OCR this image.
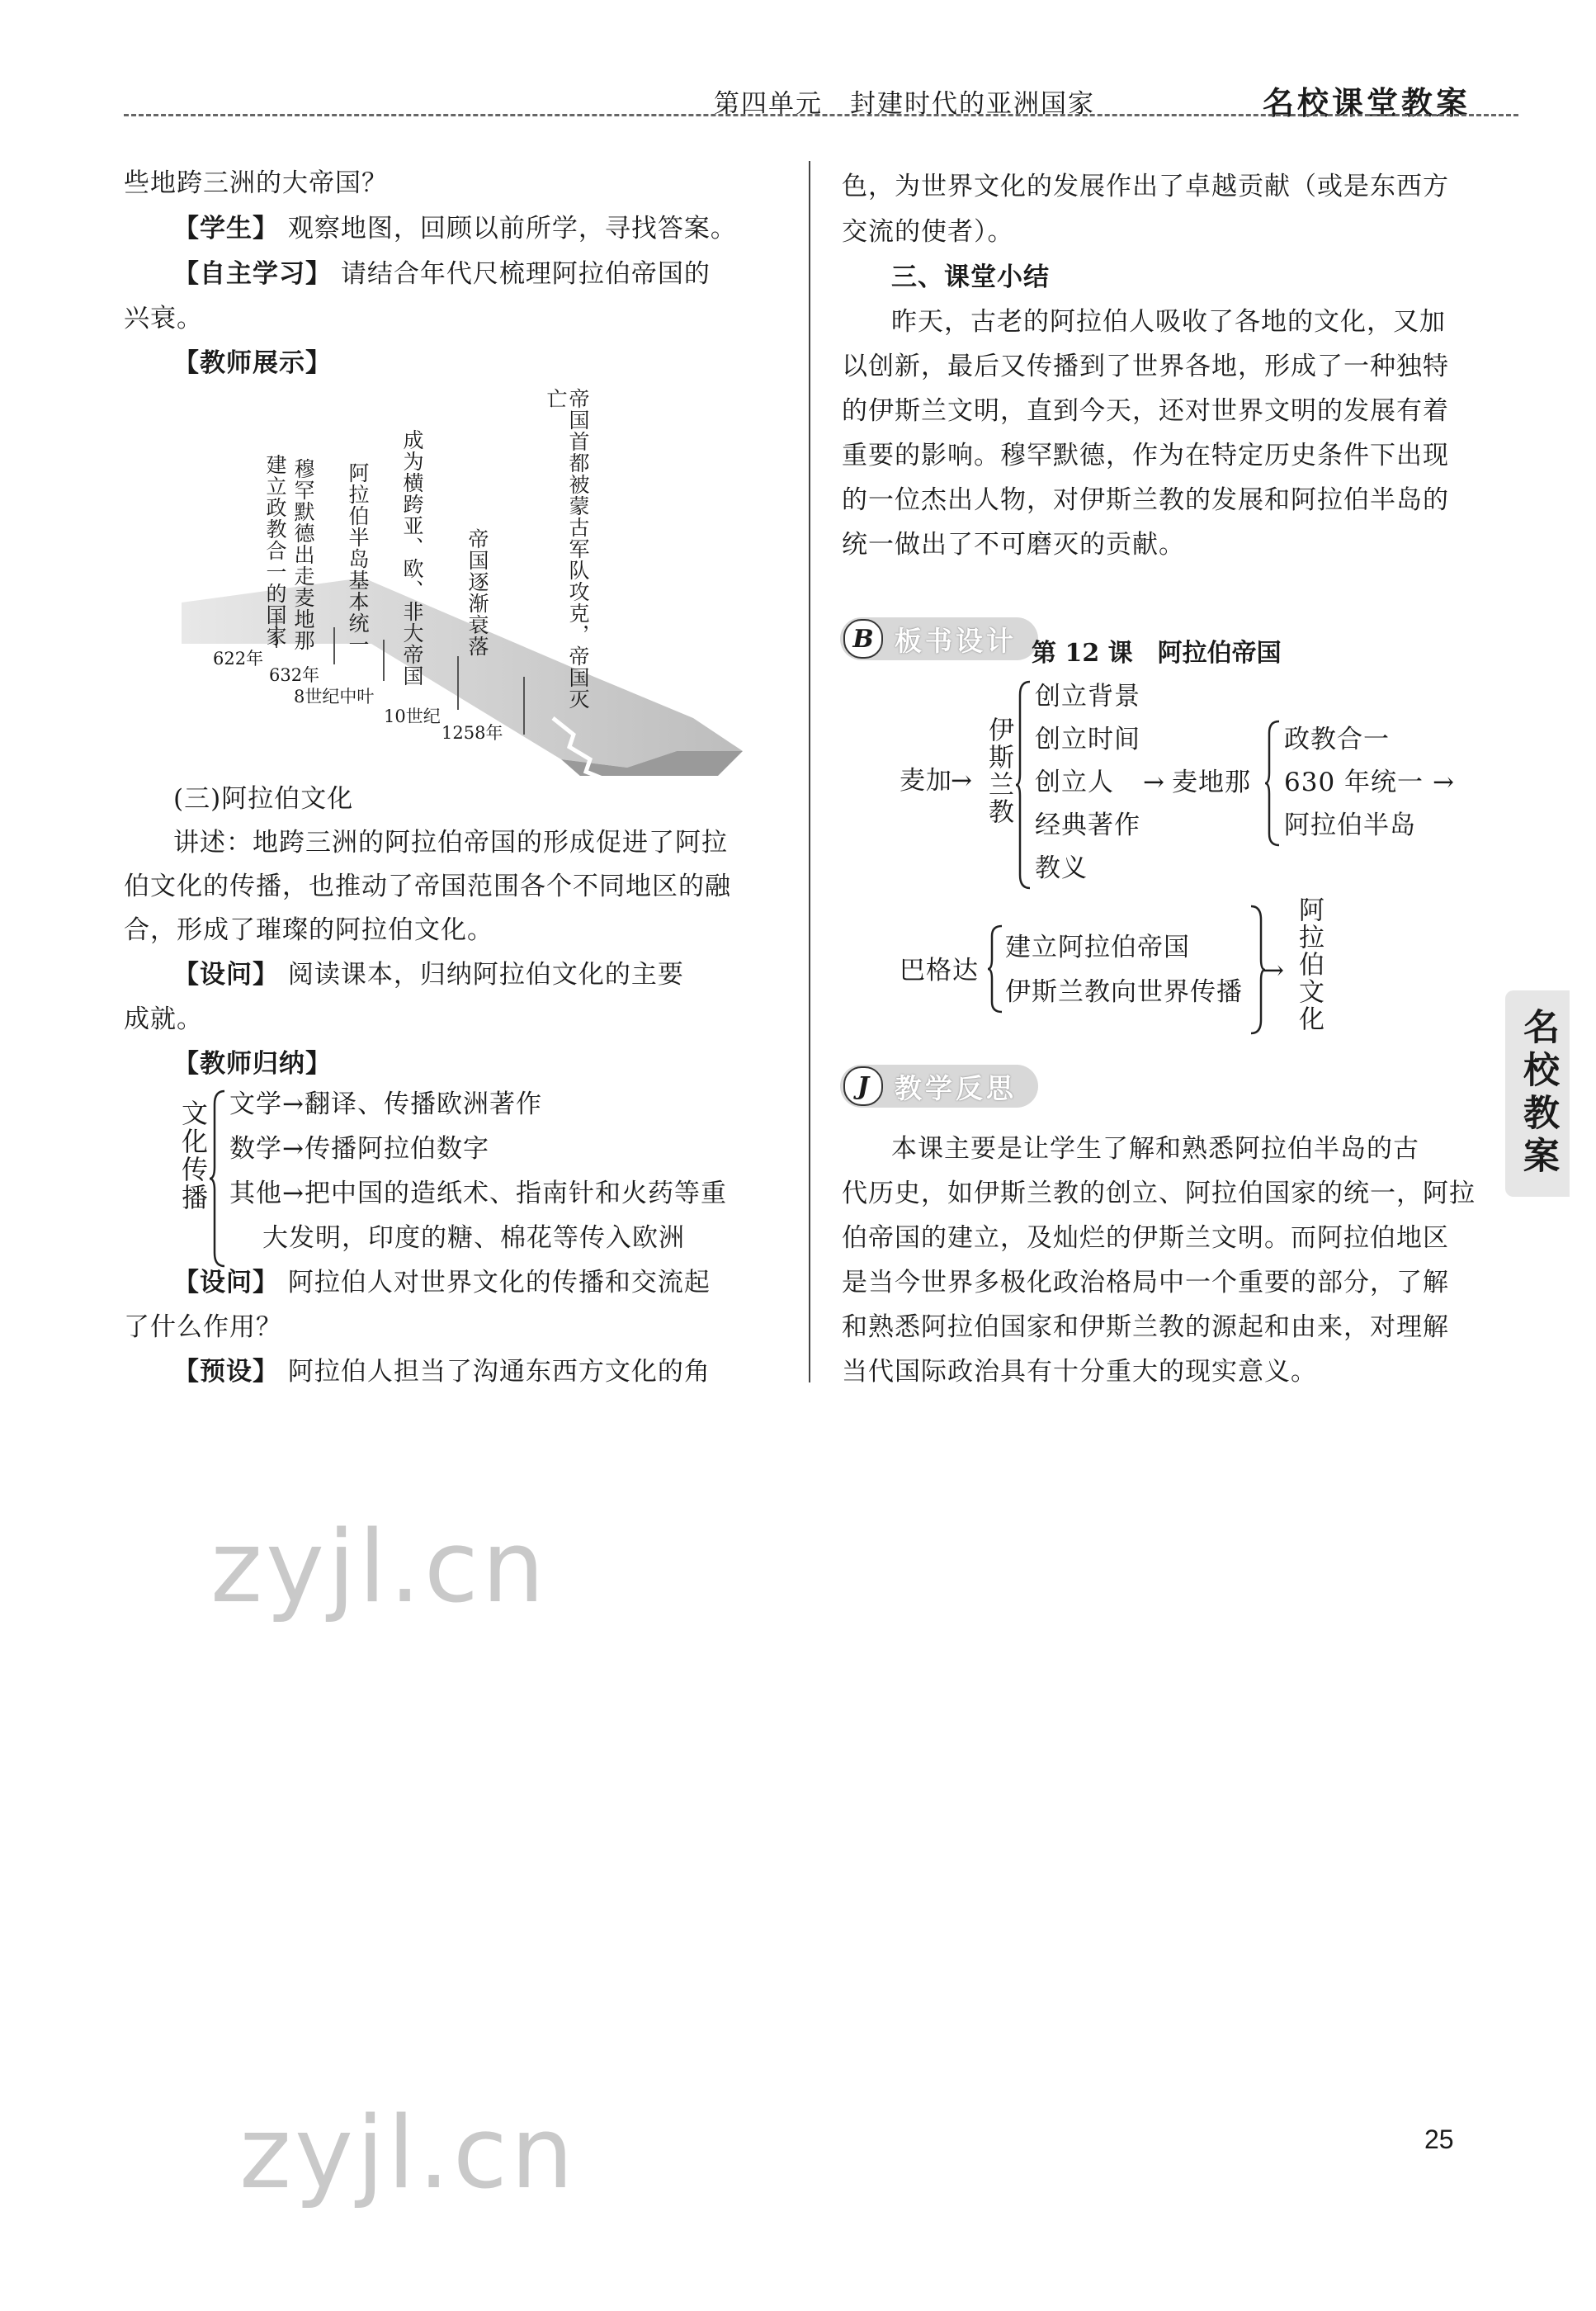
第四单元　封建时代的亚洲国家	名校课堂教案
名校教案
些地跨三洲的大帝国？
【学生】 观察地图，回顾以前所学，寻找答案。
【自主学习】 请结合年代尺梳理阿拉伯帝国的
兴衰。
【教师展示】
建立政教合一的国家 穆罕默德出走麦地那 阿拉伯半岛基本统一 成为横跨亚、欧、非大帝国 帝国逐渐衰落	帝国首都被蒙古军队攻克，帝国灭亡
622年
632年
8世纪中叶
10世纪
1258年
(三)阿拉伯文化
讲述：地跨三洲的阿拉伯帝国的形成促进了阿拉
伯文化的传播，也推动了帝国范围各个不同地区的融
合，形成了璀璨的阿拉伯文化。
【设问】 阅读课本，归纳阿拉伯文化的主要
成就。
【教师归纳】
文化传播 文学→翻译、传播欧洲著作
数学→传播阿拉伯数字
其他→把中国的造纸术、指南针和火药等重
大发明，印度的糖、棉花等传入欧洲
【设问】 阿拉伯人对世界文化的传播和交流起
了什么作用？
【预设】 阿拉伯人担当了沟通东西方文化的角
色，为世界文化的发展作出了卓越贡献（或是东西方
交流的使者）。
三、课堂小结
昨天，古老的阿拉伯人吸收了各地的文化，又加
以创新，最后又传播到了世界各地，形成了一种独特
的伊斯兰文明，直到今天，还对世界文明的发展有着
重要的影响。穆罕默德，作为在特定历史条件下出现
的一位杰出人物，对伊斯兰教的发展和阿拉伯半岛的
统一做出了不可磨灭的贡献。
B 板书设计 第 12 课　阿拉伯帝国
麦加
→ 伊斯兰教
创立背景
创立时间
创立人
经典著作
教义
→ 麦地那
政教合一
630 年统一 →
阿拉伯半岛
巴格达
建立阿拉伯帝国
伊斯兰教向世界传播
→ 阿拉伯文化
J 教学反思
本课主要是让学生了解和熟悉阿拉伯半岛的古
代历史，如伊斯兰教的创立、阿拉伯国家的统一，阿拉
伯帝国的建立，及灿烂的伊斯兰文明。而阿拉伯地区
是当今世界多极化政治格局中一个重要的部分，了解
和熟悉阿拉伯国家和伊斯兰教的源起和由来，对理解
当代国际政治具有十分重大的现实意义。
zyjl.cn
zyjl.cn	25
